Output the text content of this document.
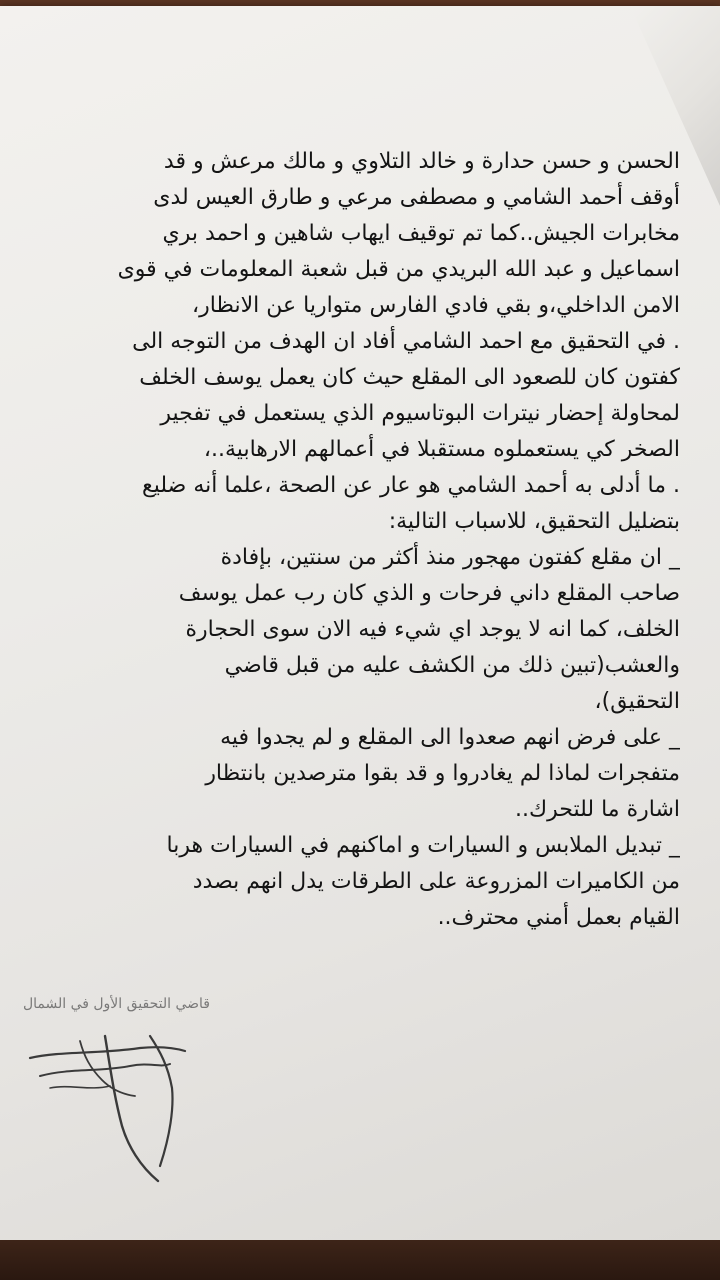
الحسن و حسن حدارة و خالد التلاوي و مالك مرعش و قد
أوقف أحمد الشامي و مصطفى مرعي و طارق العيس لدى
مخابرات الجيش..كما تم توقيف ايهاب شاهين و احمد بري
اسماعيل و عبد الله البريدي من قبل شعبة المعلومات في قوى
الامن الداخلي،و بقي فادي الفارس متواريا عن الانظار،
. في التحقيق مع احمد الشامي أفاد ان الهدف من التوجه الى
كفتون كان للصعود الى المقلع حيث كان يعمل يوسف الخلف
لمحاولة إحضار نيترات البوتاسيوم الذي يستعمل في تفجير
الصخر كي يستعملوه مستقبلا في أعمالهم الارهابية..،
. ما أدلى به أحمد الشامي هو عار عن الصحة ،علما أنه ضليع
بتضليل التحقيق، للاسباب التالية:
_ ان مقلع كفتون مهجور منذ أكثر من سنتين، بإفادة
صاحب المقلع داني فرحات و الذي كان رب عمل يوسف
الخلف، كما انه لا يوجد اي شيء فيه الان سوى الحجارة
والعشب(تبين ذلك من الكشف عليه من قبل قاضي
التحقيق)،
_ على فرض انهم صعدوا الى المقلع و لم يجدوا فيه
متفجرات لماذا لم يغادروا و قد بقوا مترصدين بانتظار
اشارة ما للتحرك..
_ تبديل الملابس و السيارات و اماكنهم في السيارات هربا
من الكاميرات المزروعة على الطرقات يدل انهم بصدد
القيام بعمل أمني محترف..
قاضي التحقيق الأول في الشمال
